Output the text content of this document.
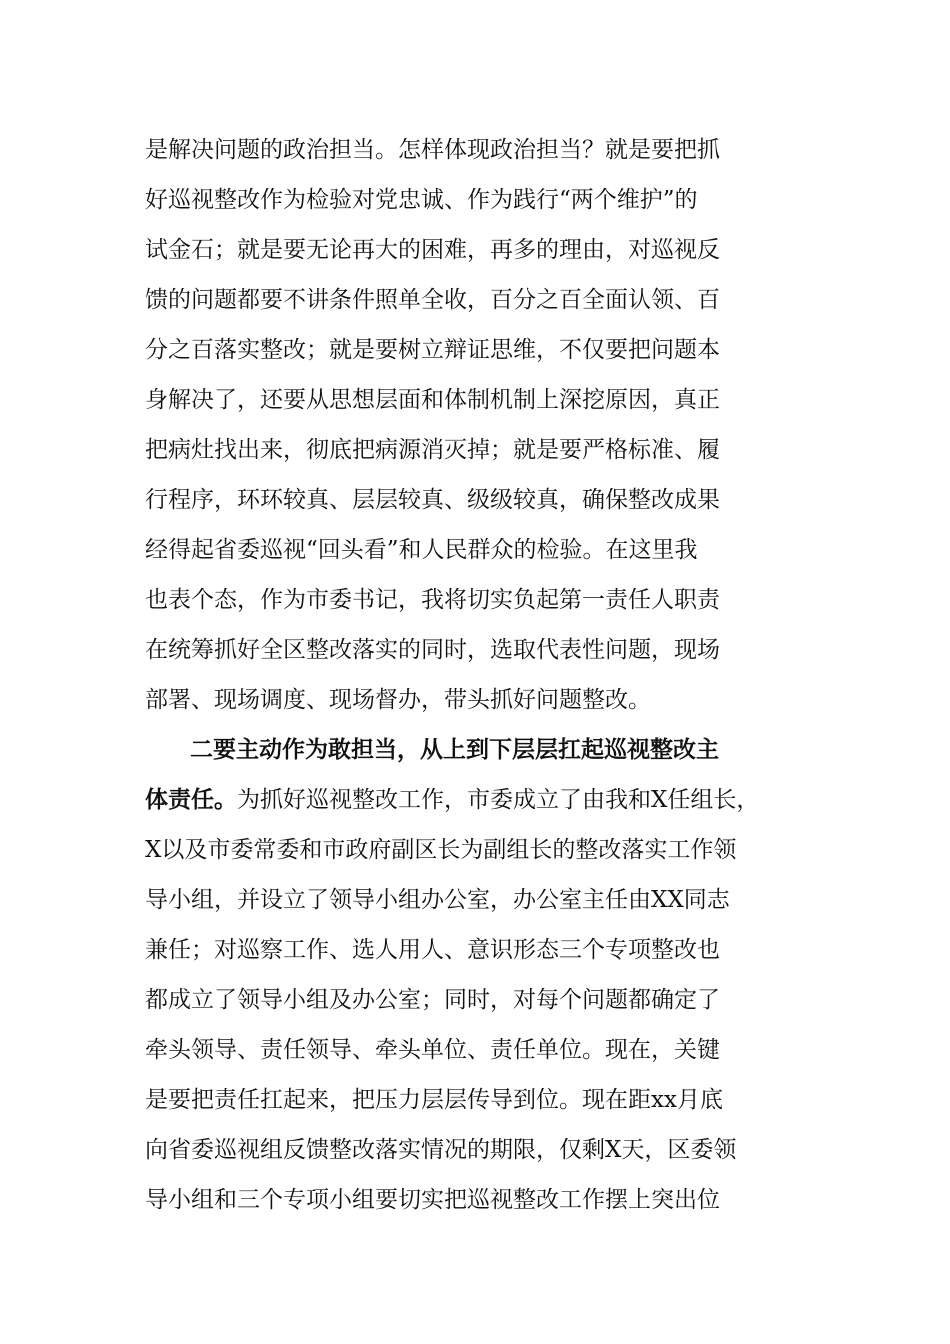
是解决问题的政治担当。怎样体现政治担当？就是要把抓
好巡视整改作为检验对党忠诚、作为践行“两个维护”的
试金石；就是要无论再大的困难，再多的理由，对巡视反
馈的问题都要不讲条件照单全收，百分之百全面认领、百
分之百落实整改；就是要树立辩证思维，不仅要把问题本
身解决了，还要从思想层面和体制机制上深挖原因，真正
把病灶找出来，彻底把病源消灭掉；就是要严格标准、履
行程序，环环较真、层层较真、级级较真，确保整改成果
经得起省委巡视“回头看”和人民群众的检验。在这里我
也表个态，作为市委书记，我将切实负起第一责任人职责
在统筹抓好全区整改落实的同时，选取代表性问题，现场
部署、现场调度、现场督办，带头抓好问题整改。
二要主动作为敢担当，从上到下层层扛起巡视整改主
体责任。为抓好巡视整改工作，市委成立了由我和X任组长，
X以及市委常委和市政府副区长为副组长的整改落实工作领
导小组，并设立了领导小组办公室，办公室主任由XX同志
兼任；对巡察工作、选人用人、意识形态三个专项整改也
都成立了领导小组及办公室；同时，对每个问题都确定了
牵头领导、责任领导、牵头单位、责任单位。现在，关键
是要把责任扛起来，把压力层层传导到位。现在距xx月底
向省委巡视组反馈整改落实情况的期限，仅剩X天，区委领
导小组和三个专项小组要切实把巡视整改工作摆上突出位
